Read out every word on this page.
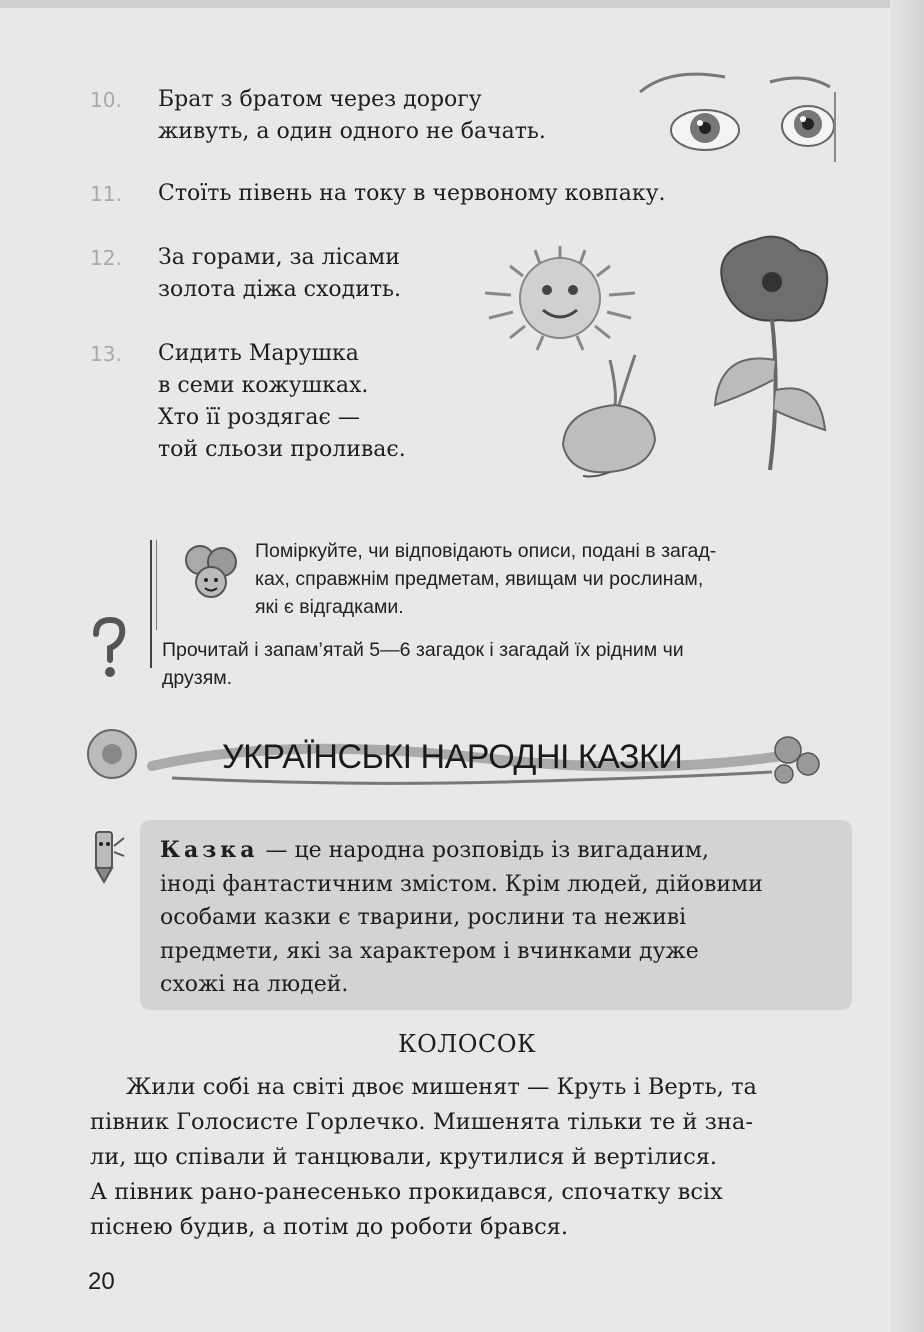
10. Брат з братом через дорогу
живуть, а один одного не бачать.
11. Стоїть півень на току в червоному ковпаку.
12. За горами, за лісами
золота діжа сходить.
13. Сидить Марушка
в семи кожушках.
Хто її роздягає —
той сльози проливає.
Поміркуйте, чи відповідають описи, подані в загад-
ках, справжнім предметам, явищам чи рослинам,
які є відгадками.
Прочитай і запам’ятай 5—6 загадок і загадай їх рідним чи
друзям.
УКРАЇНСЬКІ НАРОДНІ КАЗКИ
Казка — це народна розповідь із вигаданим,
іноді фантастичним змістом. Крім людей, дійовими
особами казки є тварини, рослини та неживі
предмети, які за характером і вчинками дуже
схожі на людей.
КОЛОСОК
Жили собі на світі двоє мишенят — Круть і Верть, та
півник Голосисте Горлечко. Мишенята тільки те й зна-
ли, що співали й танцювали, крутилися й вертілися.
А півник рано-ранесенько прокидався, спочатку всіх
піснею будив, а потім до роботи брався.
20
